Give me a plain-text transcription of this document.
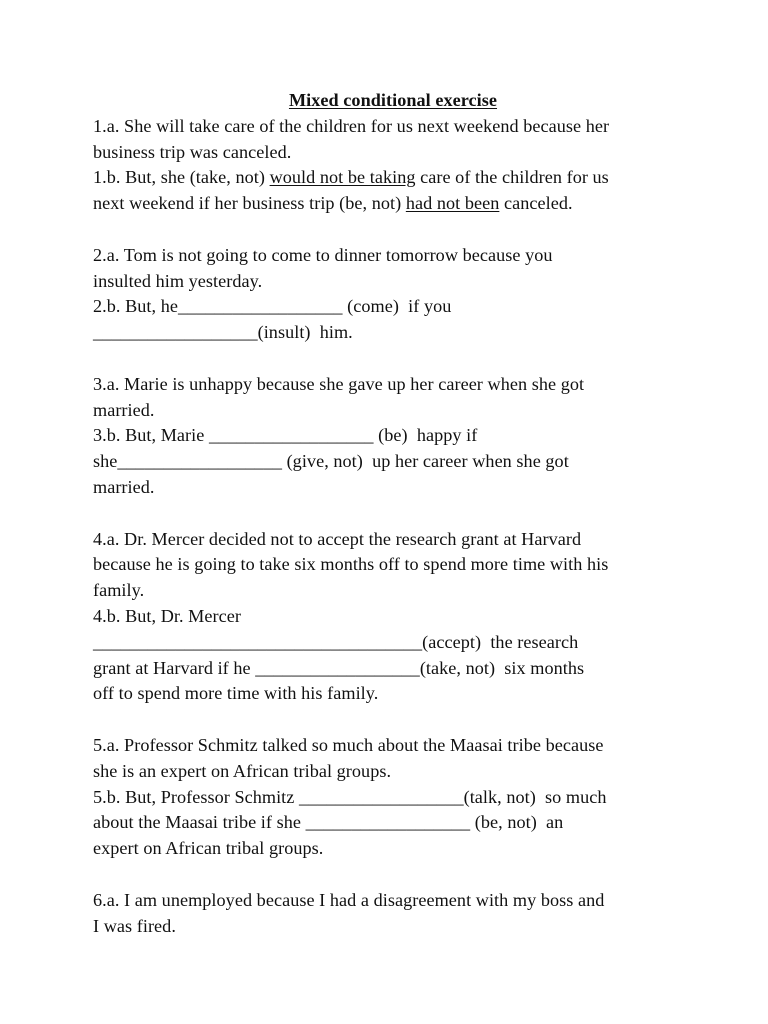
Mixed conditional exercise

1.a. She will take care of the children for us next weekend because her
business trip was canceled.
1.b. But, she (take, not) would not be taking care of the children for us
next weekend if her business trip (be, not) had not been canceled.
2.a. Tom is not going to come to dinner tomorrow because you
insulted him yesterday.
2.b. But, he__________________ (come)  if you
__________________(insult)  him.
3.a. Marie is unhappy because she gave up her career when she got
married.
3.b. But, Marie __________________ (be)  happy if
she__________________ (give, not)  up her career when she got
married.
4.a. Dr. Mercer decided not to accept the research grant at Harvard
because he is going to take six months off to spend more time with his
family.
4.b. But, Dr. Mercer
____________________________________(accept)  the research
grant at Harvard if he __________________(take, not)  six months
off to spend more time with his family.
5.a. Professor Schmitz talked so much about the Maasai tribe because
she is an expert on African tribal groups.
5.b. But, Professor Schmitz __________________(talk, not)  so much
about the Maasai tribe if she __________________ (be, not)  an
expert on African tribal groups.
6.a. I am unemployed because I had a disagreement with my boss and
I was fired.
